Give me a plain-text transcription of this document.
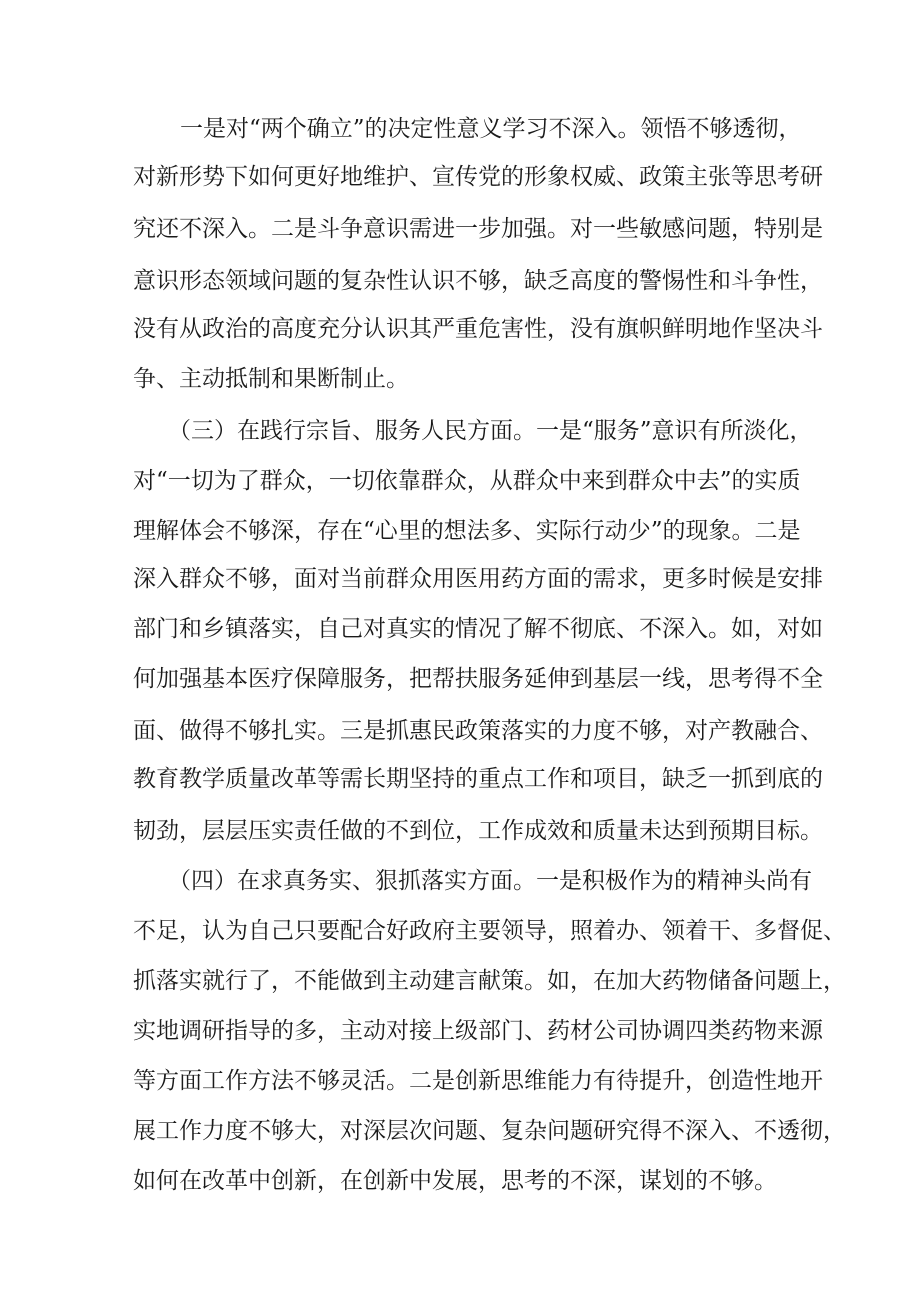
一是对“两个确立”的决定性意义学习不深入。领悟不够透彻，

对新形势下如何更好地维护、宣传党的形象权威、政策主张等思考研

究还不深入。二是斗争意识需进一步加强。对一些敏感问题，特别是

意识形态领域问题的复杂性认识不够，缺乏高度的警惕性和斗争性，

没有从政治的高度充分认识其严重危害性，没有旗帜鲜明地作坚决斗

争、主动抵制和果断制止。

（三）在践行宗旨、服务人民方面。一是“服务”意识有所淡化，

对“一切为了群众，一切依靠群众，从群众中来到群众中去”的实质

理解体会不够深，存在“心里的想法多、实际行动少”的现象。二是

深入群众不够，面对当前群众用医用药方面的需求，更多时候是安排

部门和乡镇落实，自己对真实的情况了解不彻底、不深入。如，对如

何加强基本医疗保障服务，把帮扶服务延伸到基层一线，思考得不全

面、做得不够扎实。三是抓惠民政策落实的力度不够，对产教融合、

教育教学质量改革等需长期坚持的重点工作和项目，缺乏一抓到底的

韧劲，层层压实责任做的不到位，工作成效和质量未达到预期目标。

（四）在求真务实、狠抓落实方面。一是积极作为的精神头尚有

不足，认为自己只要配合好政府主要领导，照着办、领着干、多督促、

抓落实就行了，不能做到主动建言献策。如，在加大药物储备问题上，

实地调研指导的多，主动对接上级部门、药材公司协调四类药物来源

等方面工作方法不够灵活。二是创新思维能力有待提升，创造性地开

展工作力度不够大，对深层次问题、复杂问题研究得不深入、不透彻，

如何在改革中创新，在创新中发展，思考的不深，谋划的不够。
